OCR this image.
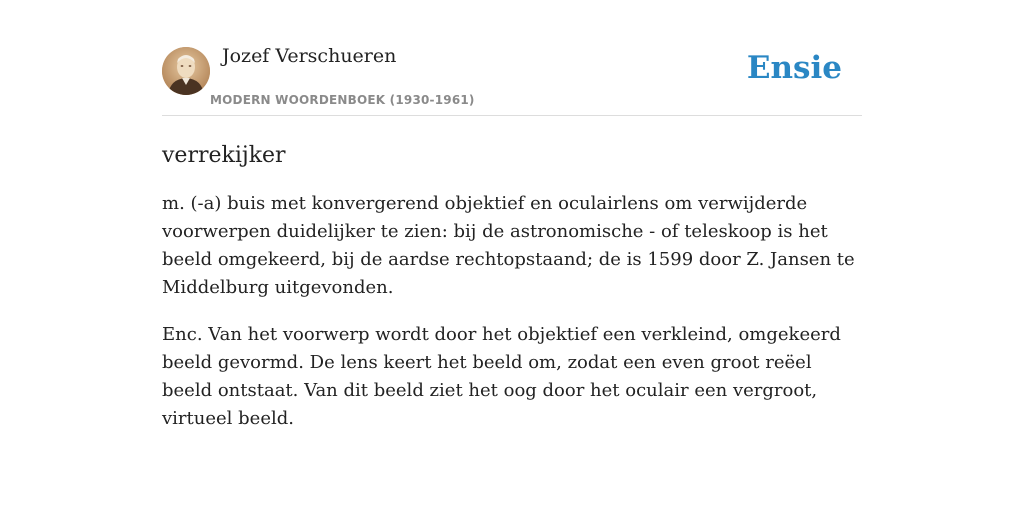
Jozef Verschueren
MODERN WOORDENBOEK (1930-1961)
Ensie
verrekijker

m. (-a) buis met konvergerend objektief en oculairlens om verwijderde voorwerpen duidelijker te zien: bij de astronomische - of teleskoop is het beeld omgekeerd, bij de aardse rechtopstaand; de is 1599 door Z. Jansen te Middelburg uitgevonden.

Enc. Van het voorwerp wordt door het objektief een verkleind, omgekeerd beeld gevormd. De lens keert het beeld om, zodat een even groot reëel beeld ontstaat. Van dit beeld ziet het oog door het oculair een vergroot, virtueel beeld.
